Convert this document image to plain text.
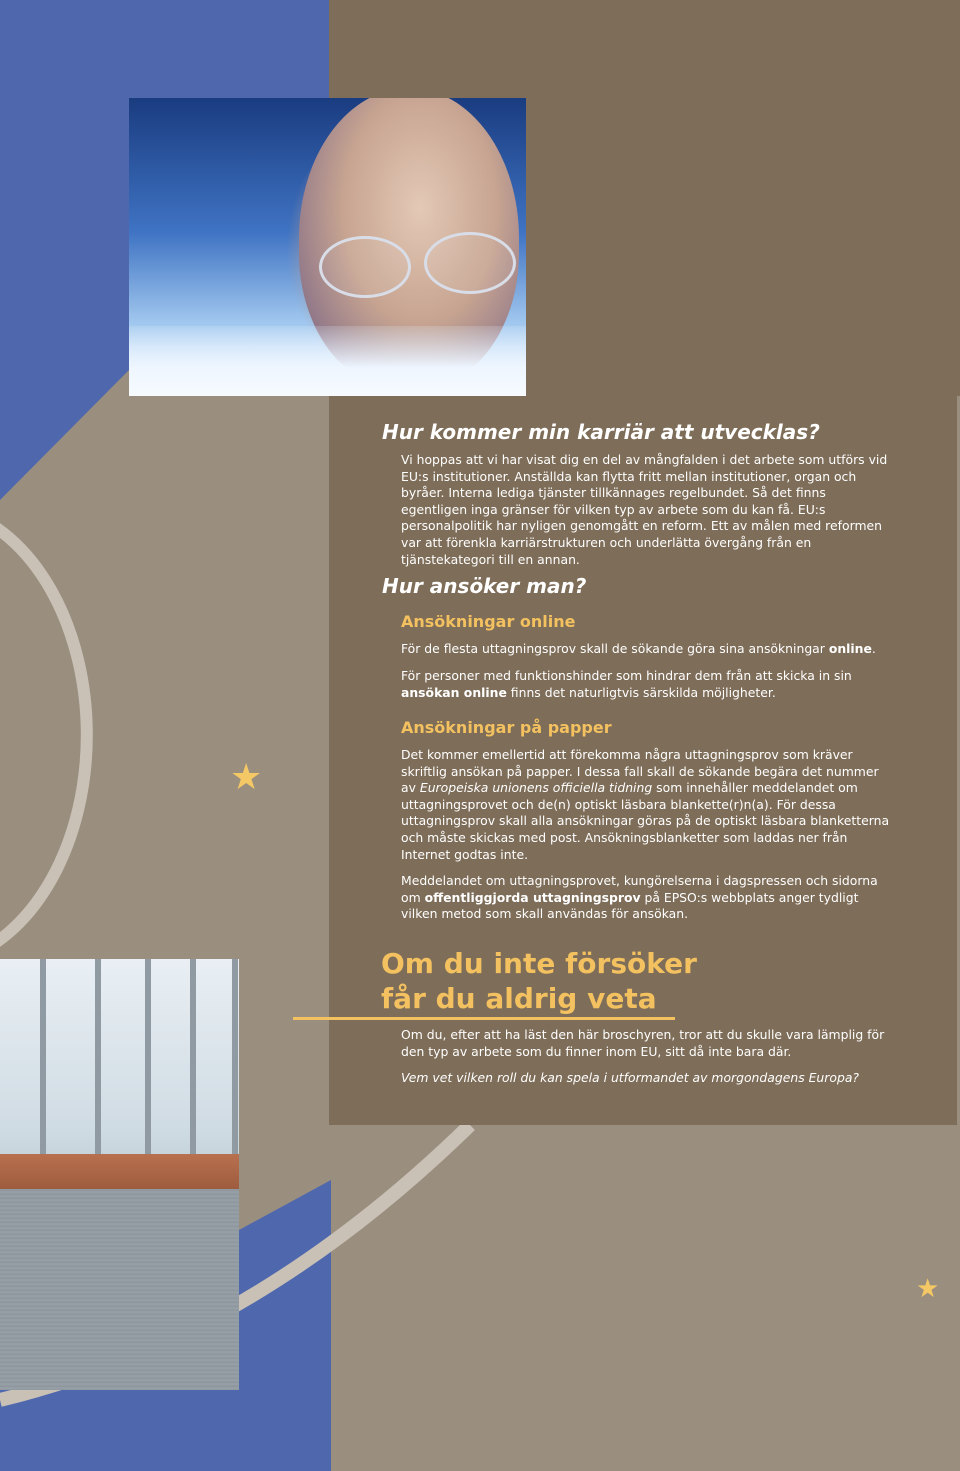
Hur kommer min karriär att utvecklas?

Vi hoppas att vi har visat dig en del av mångfalden i det arbete som utförs vid EU:s institutioner. Anställda kan flytta fritt mellan institutioner, organ och byråer. Interna lediga tjänster tillkännages regelbundet. Så det finns egentligen inga gränser för vilken typ av arbete som du kan få. EU:s personalpolitik har nyligen genomgått en reform. Ett av målen med reformen var att förenkla karriärstrukturen och underlätta övergång från en tjänstekategori till en annan.

Hur ansöker man?
Ansökningar online

För de flesta uttagningsprov skall de sökande göra sina ansökningar online.

För personer med funktionshinder som hindrar dem från att skicka in sin ansökan online finns det naturligtvis särskilda möjligheter.

Ansökningar på papper

Det kommer emellertid att förekomma några uttagningsprov som kräver skriftlig ansökan på papper. I dessa fall skall de sökande begära det nummer av Europeiska unionens officiella tidning som innehåller meddelandet om uttagningsprovet och de(n) optiskt läsbara blankette(r)n(a). För dessa uttagningsprov skall alla ansökningar göras på de optiskt läsbara blanketterna och måste skickas med post. Ansökningsblanketter som laddas ner från Internet godtas inte.

Meddelandet om uttagningsprovet, kungörelserna i dagspressen och sidorna om offentliggjorda uttagningsprov på EPSO:s webbplats anger tydligt vilken metod som skall användas för ansökan.

Om du inte försöker
får du aldrig veta

Om du, efter att ha läst den här broschyren, tror att du skulle vara lämplig för den typ av arbete som du finner inom EU, sitt då inte bara där.

Vem vet vilken roll du kan spela i utformandet av morgondagens Europa?

★
★
